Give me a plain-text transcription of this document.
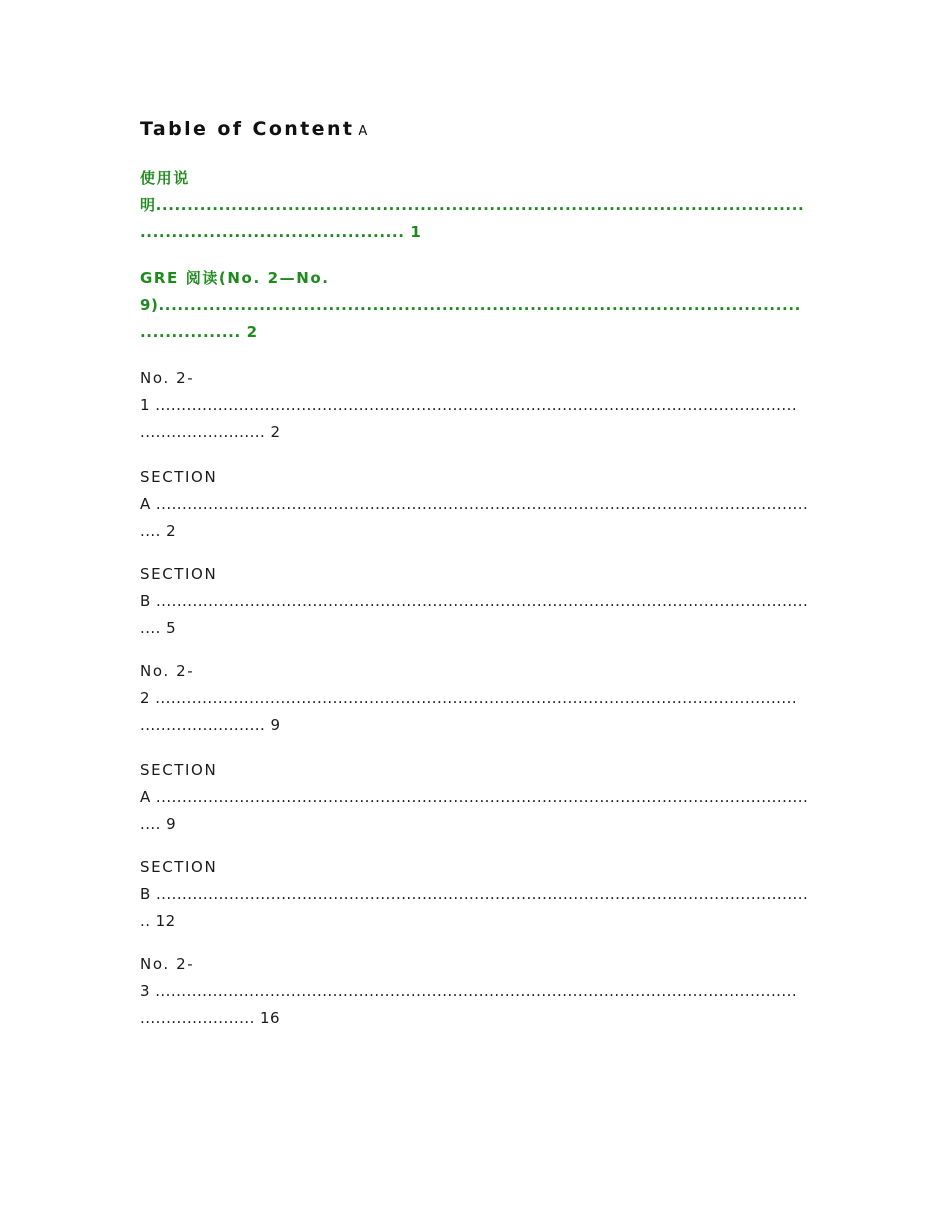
Table of Content A
使用说
明.......................................................................................................
.......................................... 1
GRE 阅读(No. 2—No.
9)......................................................................................................
................ 2
No. 2-
1 ...........................................................................................................................
........................ 2
SECTION
A .............................................................................................................................
.... 2
SECTION
B .............................................................................................................................
.... 5
No. 2-
2 ...........................................................................................................................
........................ 9
SECTION
A .............................................................................................................................
.... 9
SECTION
B .............................................................................................................................
.. 12
No. 2-
3 ...........................................................................................................................
...................... 16
